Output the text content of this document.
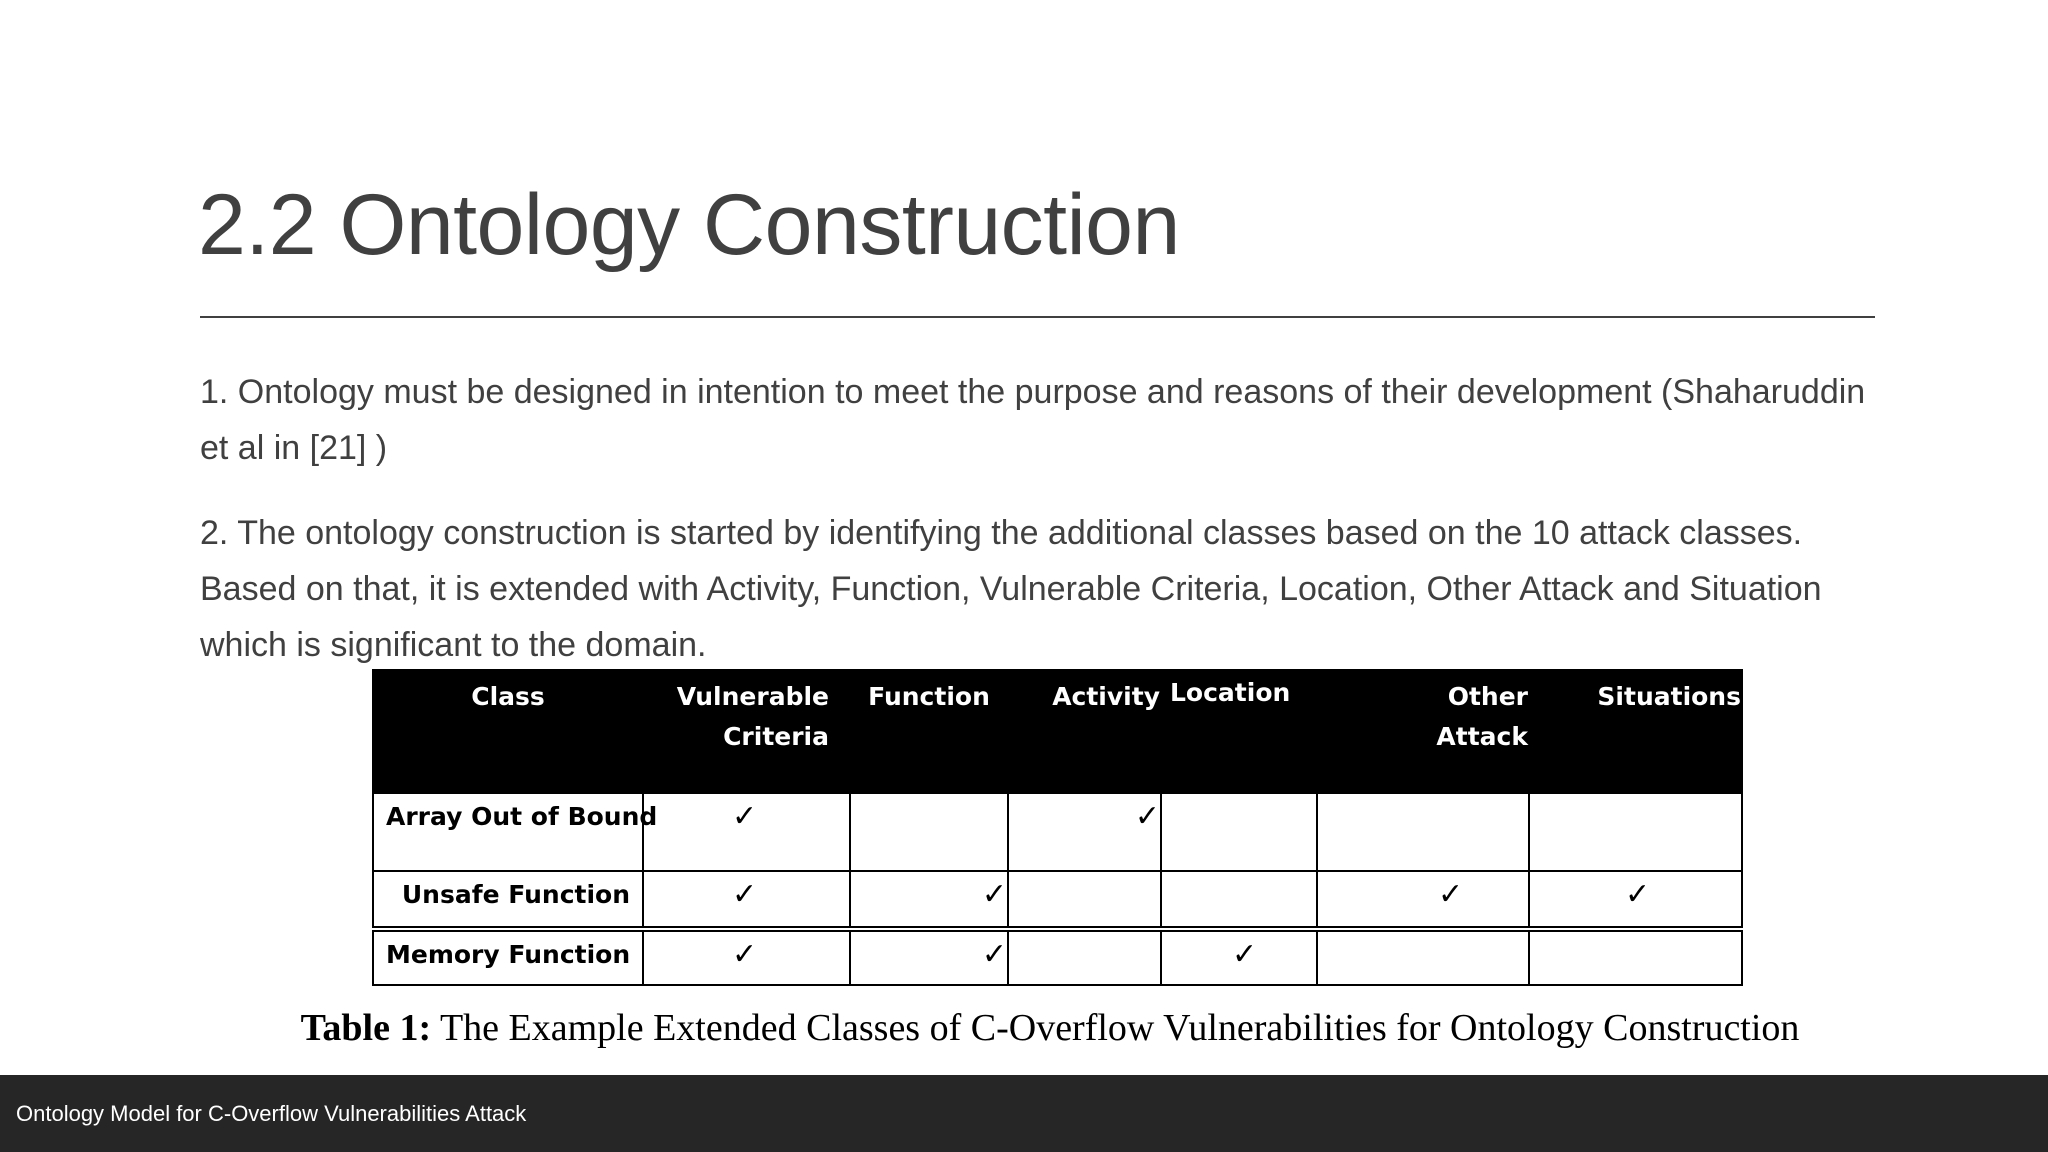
2.2 Ontology Construction

1. Ontology must be designed in intention to meet the purpose and reasons of their development (Shaharuddin et al in [21] )

2. The ontology construction is started by identifying the additional classes based on the 10 attack classes. Based on that, it is extended with Activity, Function, Vulnerable Criteria, Location, Other Attack and Situation which is significant to the domain.

Class	Vulnerable Criteria	Function	Activity	Location	Other Attack	Situations
Array Out of Bound	✓		✓			
Unsafe Function	✓	✓			✓	✓
Memory Function	✓	✓		✓		
Table 1: The Example Extended Classes of C-Overflow Vulnerabilities for Ontology Construction
Ontology Model for C-Overflow Vulnerabilities Attack
